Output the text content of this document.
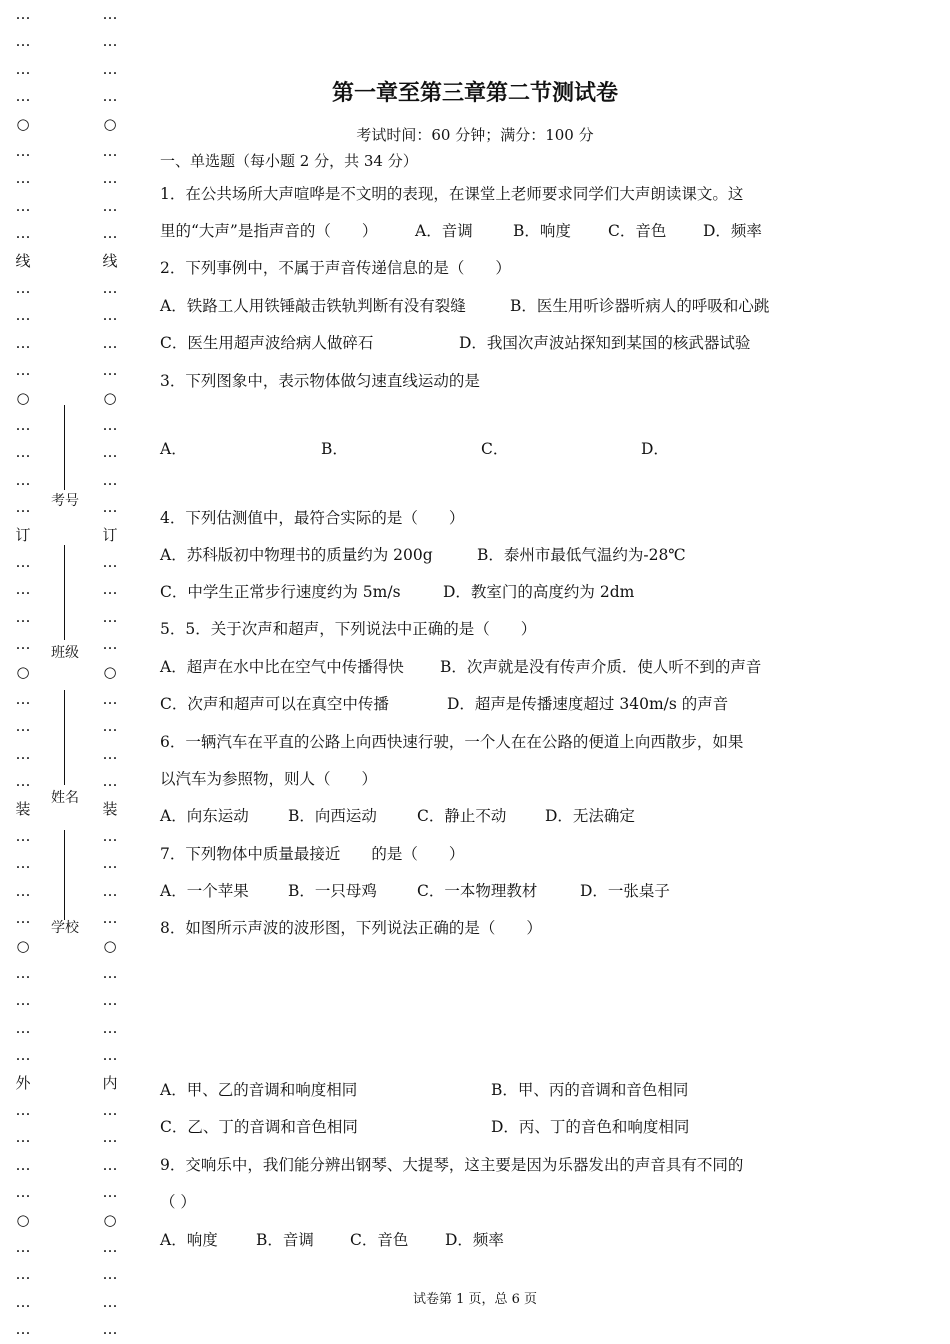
…
…
…
…
○
…
…
…
…
线
…
…
…
…
○
…
…
…
…
订
…
…
…
…
○
…
…
…
…
装
…
…
…
…
○
…
…
…
…
外
…
…
…
…
○
…
…
…
…
…
…
…
…
○
…
…
…
…
线
…
…
…
…
○
…
…
…
…
订
…
…
…
…
○
…
…
…
…
装
…
…
…
…
○
…
…
…
…
内
…
…
…
…
○
…
…
…
…
考号
班级
姓名
学校
第一章至第三章第二节测试卷
考试时间：60 分钟；满分：100 分
一、单选题（每小题 2 分，共 34 分）
1．在公共场所大声喧哗是不文明的表现，在课堂上老师要求同学们大声朗读课文。这
里的“大声”是指声音的（　　） A．音调	B．响度 C．音色 D．频率
2．下列事例中，不属于声音传递信息的是（　　）
A．铁路工人用铁锤敲击铁轨判断有没有裂缝	B．医生用听诊器听病人的呼吸和心跳
C．医生用超声波给病人做碎石	D．我国次声波站探知到某国的核武器试验
3．下列图象中，表示物体做匀速直线运动的是
A．	B．	C．	D．
4．下列估测值中，最符合实际的是（　　）
A．苏科版初中物理书的质量约为 200g	B．泰州市最低气温约为-28℃
C．中学生正常步行速度约为 5m/s	D．教室门的高度约为 2dm
5．5．关于次声和超声，下列说法中正确的是（　　）
A．超声在水中比在空气中传播得快 B．次声就是没有传声介质．使人听不到的声音
C．次声和超声可以在真空中传播	D．超声是传播速度超过 340m/s 的声音
6．一辆汽车在平直的公路上向西快速行驶，一个人在在公路的便道上向西散步，如果
以汽车为参照物，则人（　　）
A．向东运动	B．向西运动	C．静止不动 D．无法确定
7．下列物体中质量最接近　　的是（　　）
A．一个苹果	B．一只母鸡	C．一本物理教材	D．一张桌子
8．如图所示声波的波形图，下列说法正确的是（　　）
A．甲、乙的音调和响度相同	B．甲、丙的音调和音色相同
C．乙、丁的音调和音色相同	D．丙、丁的音色和响度相同
9．交响乐中，我们能分辨出钢琴、大提琴，这主要是因为乐器发出的声音具有不同的
（ ）
A．响度 B．音调 C．音色 D．频率
试卷第 1 页，总 6 页
